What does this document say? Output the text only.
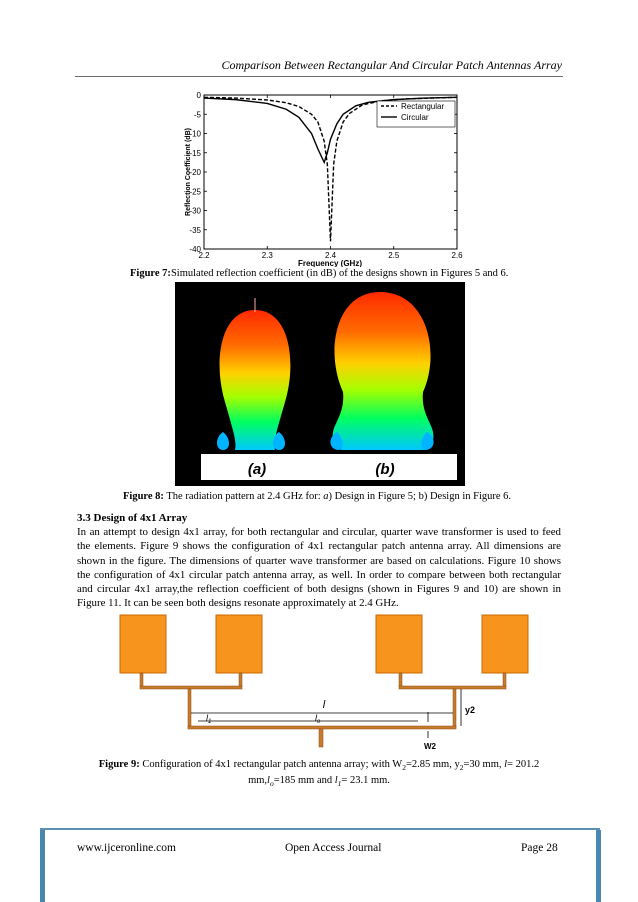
Comparison Between Rectangular And Circular Patch Antennas Array
0
-5
-10
-15
-20
-25
-30
-35
-40
2.2	2.3	2.4	2.5	2.6
Rectangular
Circular
Frequency (GHz)
Reflection Coefficient (dB)
Figure 7:Simulated reflection coefficient (in dB) of the designs shown in Figures 5 and 6.
(a)	(b)
Figure 8: The radiation pattern at 2.4 GHz for: a) Design in Figure 5; b) Design in Figure 6.
3.3 Design of 4x1 Array
In an attempt to design 4x1 array, for both rectangular and circular, quarter wave transformer is used to feed the elements. Figure 9 shows the configuration of 4x1 rectangular patch antenna array. All dimensions are shown in the figure. The dimensions of quarter wave transformer are based on calculations. Figure 10 shows the configuration of 4x1 circular patch antenna array, as well. In order to compare between both rectangular and circular 4x1 array,the reflection coefficient of both designs (shown in Figures 9 and 10) are shown in Figure 11. It can be seen both designs resonate approximately at 2.4 GHz.
l
$l_1$	$l_o$
y2
W2
Figure 9: Configuration of 4x1 rectangular patch antenna array; with $W_2=2.85$ mm, $y_2=30$ mm, l= 201.2 $mm,l_o=185$ mm and $l_1= 23.1$ mm.
www.ijceronline.com	Open Access Journal	Page 28
